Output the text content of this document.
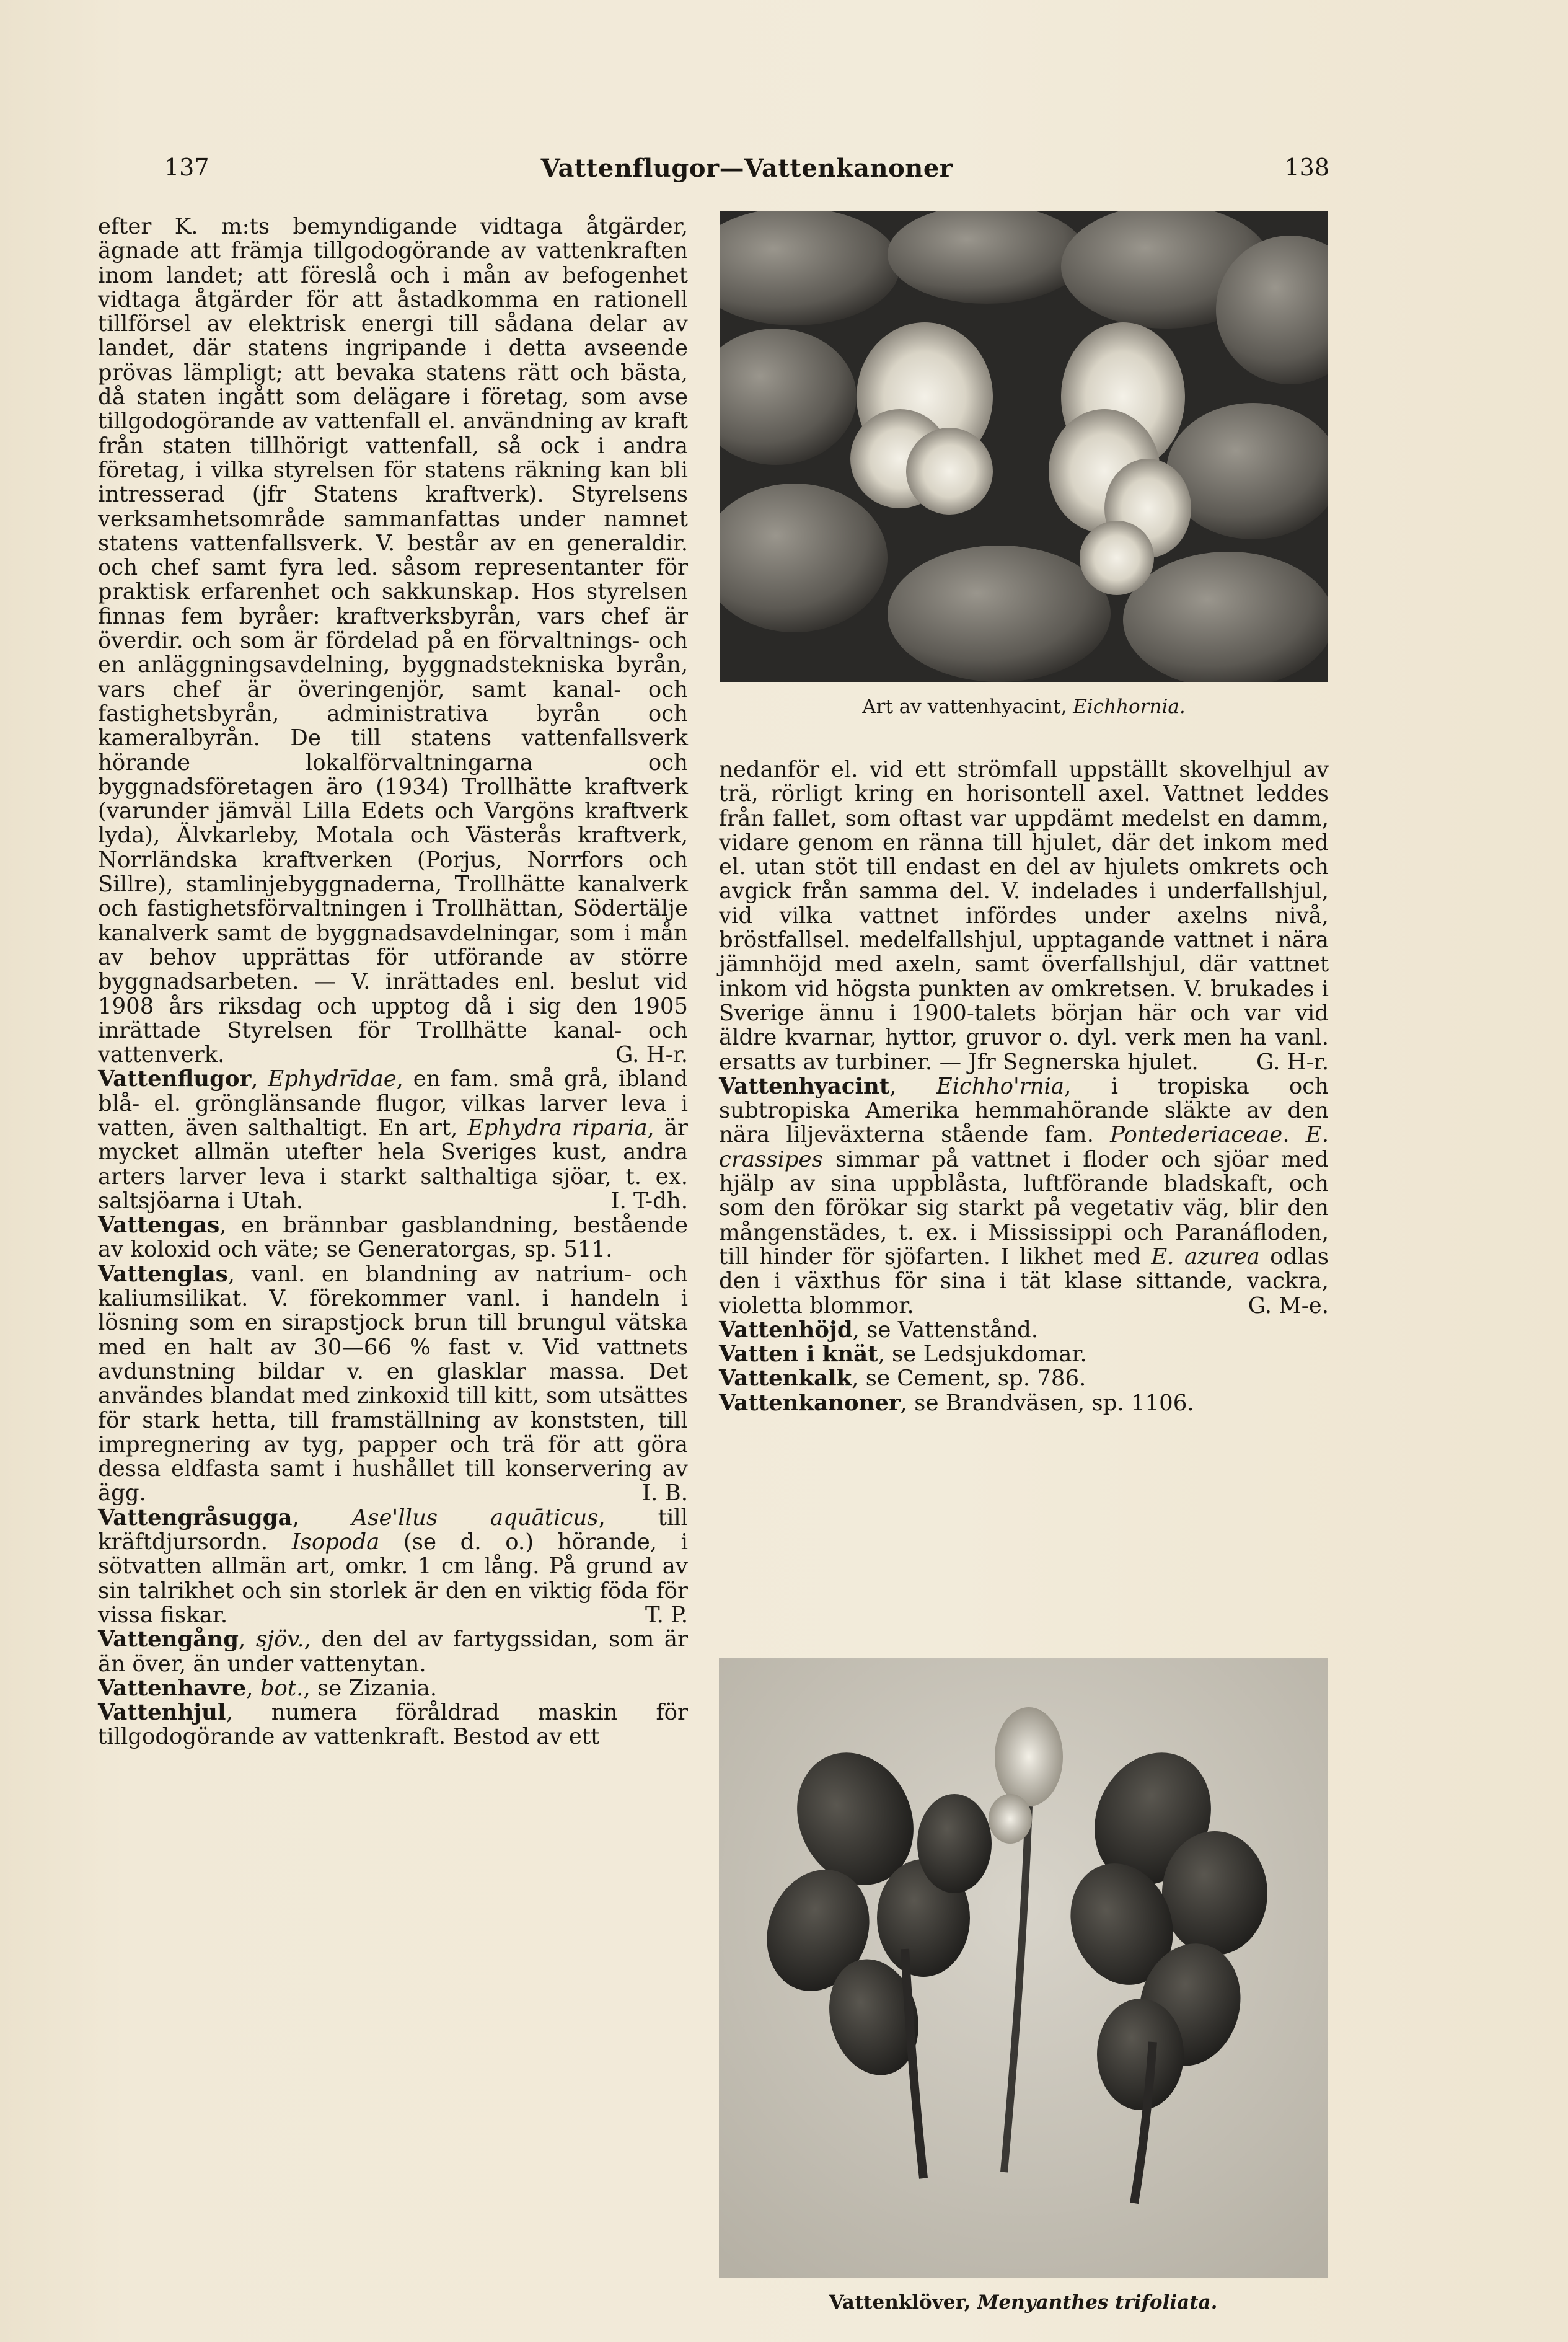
137	Vattenflugor—Vattenkanoner	138

efter K. m:ts bemyndigande vidtaga åtgärder, ägnade att främja tillgodogörande av vattenkraften inom landet; att föreslå och i mån av befogenhet vidtaga åtgärder för att åstadkomma en rationell tillförsel av elektrisk energi till sådana delar av landet, där statens ingripande i detta avseende prövas lämpligt; att bevaka statens rätt och bästa, då staten ingått som delägare i företag, som avse tillgodogörande av vattenfall el. användning av kraft från staten tillhörigt vattenfall, så ock i andra företag, i vilka styrelsen för statens räkning kan bli intresserad (jfr Statens kraftverk). Styrelsens verksamhetsområde sammanfattas under namnet statens vattenfallsverk. V. består av en generaldir. och chef samt fyra led. såsom representanter för praktisk erfarenhet och sakkunskap. Hos styrelsen finnas fem byråer: kraftverksbyrån, vars chef är överdir. och som är fördelad på en förvaltnings- och en anläggningsavdelning, byggnadstekniska byrån, vars chef är överingenjör, samt kanal- och fastighetsbyrån, administrativa byrån och kameralbyrån. De till statens vattenfallsverk hörande lokalförvaltningarna och byggnadsföretagen äro (1934) Trollhätte kraftverk (varunder jämväl Lilla Edets och Vargöns kraftverk lyda), Älvkarleby, Motala och Västerås kraftverk, Norrländska kraftverken (Porjus, Norrfors och Sillre), stamlinjebyggnaderna, Trollhätte kanalverk och fastighetsförvaltningen i Trollhättan, Södertälje kanalverk samt de byggnadsavdelningar, som i mån av behov upprättas för utförande av större byggnadsarbeten. — V. inrättades enl. beslut vid 1908 års riksdag och upptog då i sig den 1905 inrättade Styrelsen för Trollhätte kanal- och vattenverk.	G. H-r.

Vattenflugor, Ephydrīdae, en fam. små grå, ibland blå- el. grönglänsande flugor, vilkas larver leva i vatten, även salthaltigt. En art, Ephydra riparia, är mycket allmän utefter hela Sveriges kust, andra arters larver leva i starkt salthaltiga sjöar, t. ex. saltsjöarna i Utah.	I. T-dh.

Vattengas, en brännbar gasblandning, bestående av koloxid och väte; se Generatorgas, sp. 511.

Vattenglas, vanl. en blandning av natrium- och kaliumsilikat. V. förekommer vanl. i handeln i lösning som en sirapstjock brun till brungul vätska med en halt av 30—66 % fast v. Vid vattnets avdunstning bildar v. en glasklar massa. Det användes blandat med zinkoxid till kitt, som utsättes för stark hetta, till framställning av konststen, till impregnering av tyg, papper och trä för att göra dessa eldfasta samt i hushållet till konservering av ägg.	I. B.

Vattengråsugga, Ase'llus aquāticus, till kräftdjursordn. Isopoda (se d. o.) hörande, i sötvatten allmän art, omkr. 1 cm lång. På grund av sin talrikhet och sin storlek är den en viktig föda för vissa fiskar.	T. P.

Vattengång, sjöv., den del av fartygssidan, som är än över, än under vattenytan.

Vattenhavre, bot., se Zizania.

Vattenhjul, numera föråldrad maskin för tillgodogörande av vattenkraft. Bestod av ett

Art av vattenhyacint, Eichhornia.

nedanför el. vid ett strömfall uppställt skovelhjul av trä, rörligt kring en horisontell axel. Vattnet leddes från fallet, som oftast var uppdämt medelst en damm, vidare genom en ränna till hjulet, där det inkom med el. utan stöt till endast en del av hjulets omkrets och avgick från samma del. V. indelades i underfallshjul, vid vilka vattnet infördes under axelns nivå, bröstfallsel. medelfallshjul, upptagande vattnet i nära jämnhöjd med axeln, samt överfallshjul, där vattnet inkom vid högsta punkten av omkretsen. V. brukades i Sverige ännu i 1900-talets början här och var vid äldre kvarnar, hyttor, gruvor o. dyl. verk men ha vanl. ersatts av turbiner. — Jfr Segnerska hjulet.	G. H-r.

Vattenhyacint, Eichho'rnia, i tropiska och subtropiska Amerika hemmahörande släkte av den nära liljeväxterna stående fam. Pontederiaceae. E. crassipes simmar på vattnet i floder och sjöar med hjälp av sina uppblåsta, luftförande bladskaft, och som den förökar sig starkt på vegetativ väg, blir den mångenstädes, t. ex. i Mississippi och Paranáfloden, till hinder för sjöfarten. I likhet med E. azurea odlas den i växthus för sina i tät klase sittande, vackra, violetta blommor.	G. M-e.

Vattenhöjd, se Vattenstånd.

Vatten i knät, se Ledsjukdomar.

Vattenkalk, se Cement, sp. 786.

Vattenkanoner, se Brandväsen, sp. 1106.

Vattenklöver, Menyanthes trifoliata.
